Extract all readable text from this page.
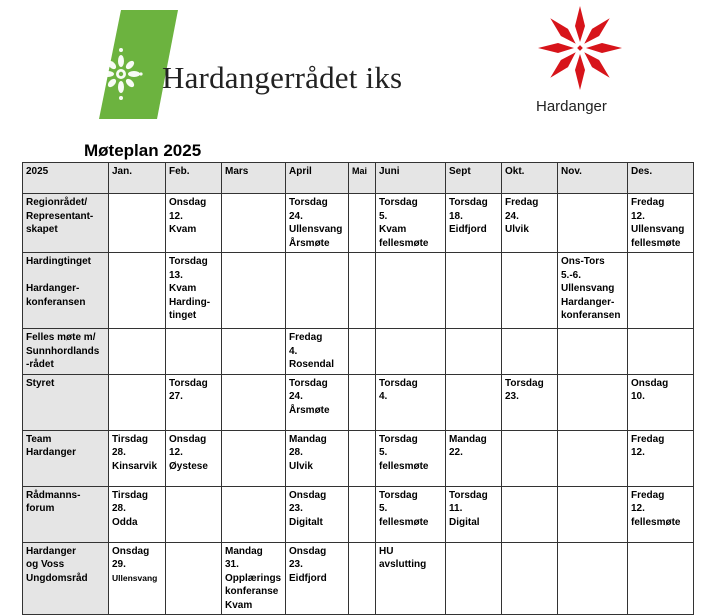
Hardangerrådet iks
Hardanger
Møteplan 2025
2025	Jan.	Feb.	Mars	April	Mai	Juni	Sept	Okt.	Nov.	Des.

Regionrådet/
Representant-
skapet		Onsdag
12.
Kvam		Torsdag
24.
Ullensvang
Årsmøte		Torsdag
5.
Kvam
fellesmøte	Torsdag
18.
Eidfjord	Fredag
24.
Ulvik		Fredag
12.
Ullensvang
fellesmøte

Hardingtinget

Hardanger-
konferansen		Torsdag
13.
Kvam
Harding-
tinget							Ons-Tors
5.-6.
Ullensvang
Hardanger-
konferansen	

Felles møte m/
Sunnhordlands
-rådet				Fredag
4.
Rosendal						

Styret		Torsdag
27.		Torsdag
24.
Årsmøte		Torsdag
4.		Torsdag
23.		Onsdag
10.

Team
Hardanger	Tirsdag
28.
Kinsarvik	Onsdag
12.
Øystese		Mandag
28.
Ulvik		Torsdag
5.
fellesmøte	Mandag
22.			Fredag
12.

Rådmanns-
forum	Tirsdag
28.
Odda			Onsdag
23.
Digitalt		Torsdag
5.
fellesmøte	Torsdag
11.
Digital			Fredag
12.
fellesmøte

Hardanger
og Voss
Ungdomsråd	Onsdag
29.
Ullensvang		Mandag
31.
Opplærings
konferanse
Kvam	Onsdag
23.
Eidfjord		HU
avslutting				
